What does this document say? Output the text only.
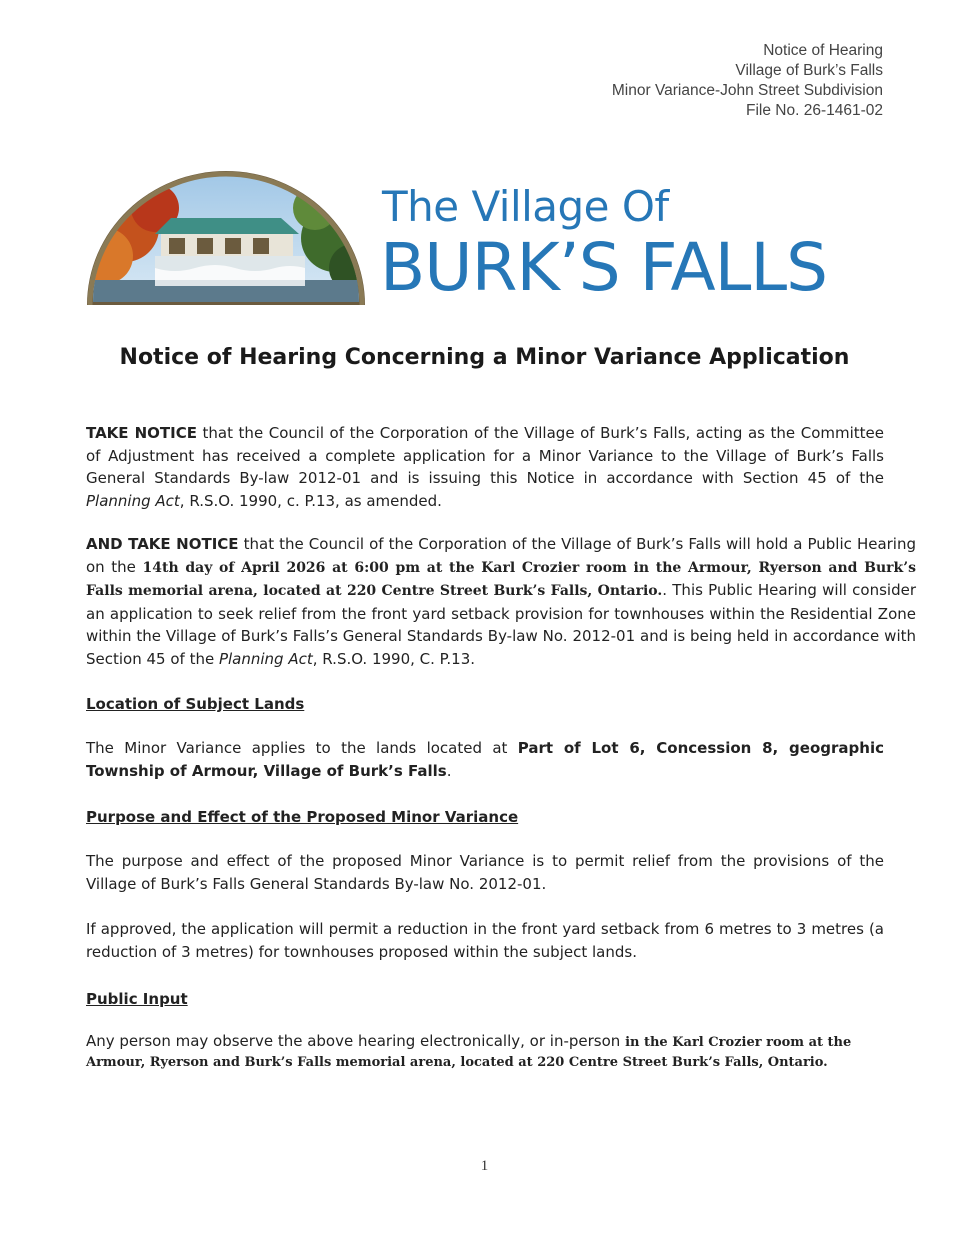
Notice of Hearing
Village of Burk’s Falls
Minor Variance-John Street Subdivision
File No. 26-1461-02
The Village Of
BURK’S FALLS
Notice of Hearing Concerning a Minor Variance Application
TAKE NOTICE that the Council of the Corporation of the Village of Burk’s Falls, acting as the Committee of Adjustment has received a complete application for a Minor Variance to the Village of Burk’s Falls General Standards By-law 2012-01 and is issuing this Notice in accordance with Section 45 of the Planning Act, R.S.O. 1990, c. P.13, as amended.
AND TAKE NOTICE that the Council of the Corporation of the Village of Burk’s Falls will hold a Public Hearing on the 14th day of April 2026 at 6:00 pm at the Karl Crozier room in the Armour, Ryerson and Burk’s Falls memorial arena, located at 220 Centre Street Burk’s Falls, Ontario.. This Public Hearing will consider an application to seek relief from the front yard setback provision for townhouses within the Residential Zone within the Village of Burk’s Falls’s General Standards By-law No. 2012-01 and is being held in accordance with Section 45 of the Planning Act, R.S.O. 1990, C. P.13.
Location of Subject Lands
The Minor Variance applies to the lands located at Part of Lot 6, Concession 8, geographic Township of Armour, Village of Burk’s Falls.
Purpose and Effect of the Proposed Minor Variance
The purpose and effect of the proposed Minor Variance is to permit relief from the provisions of the Village of Burk’s Falls General Standards By-law No. 2012-01.
If approved, the application will permit a reduction in the front yard setback from 6 metres to 3 metres (a reduction of 3 metres) for townhouses proposed within the subject lands.
Public Input
Any person may observe the above hearing electronically, or in-person in the Karl Crozier room at the Armour, Ryerson and Burk’s Falls memorial arena, located at 220 Centre Street Burk’s Falls, Ontario.
1
